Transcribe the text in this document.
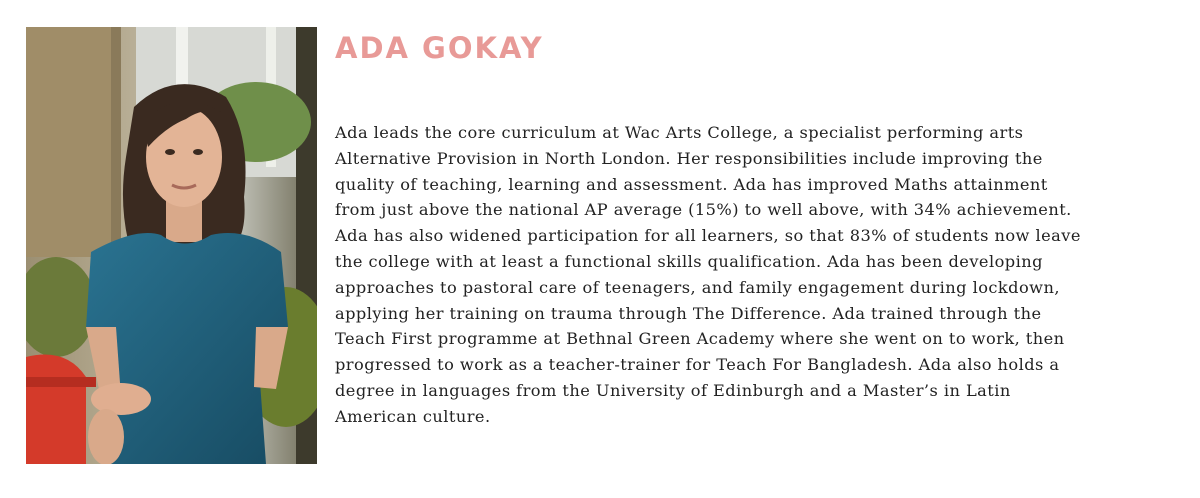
ADA GOKAY

Ada leads the core curriculum at Wac Arts College, a specialist performing arts
Alternative Provision in North London. Her responsibilities include improving the
quality of teaching, learning and assessment. Ada has improved Maths attainment
from just above the national AP average (15%) to well above, with 34% achievement.
Ada has also widened participation for all learners, so that 83% of students now leave
the college with at least a functional skills qualification. Ada has been developing
approaches to pastoral care of teenagers, and family engagement during lockdown,
applying her training on trauma through The Difference. Ada trained through the
Teach First programme at Bethnal Green Academy where she went on to work, then
progressed to work as a teacher-trainer for Teach For Bangladesh. Ada also holds a
degree in languages from the University of Edinburgh and a Master’s in Latin
American culture.
